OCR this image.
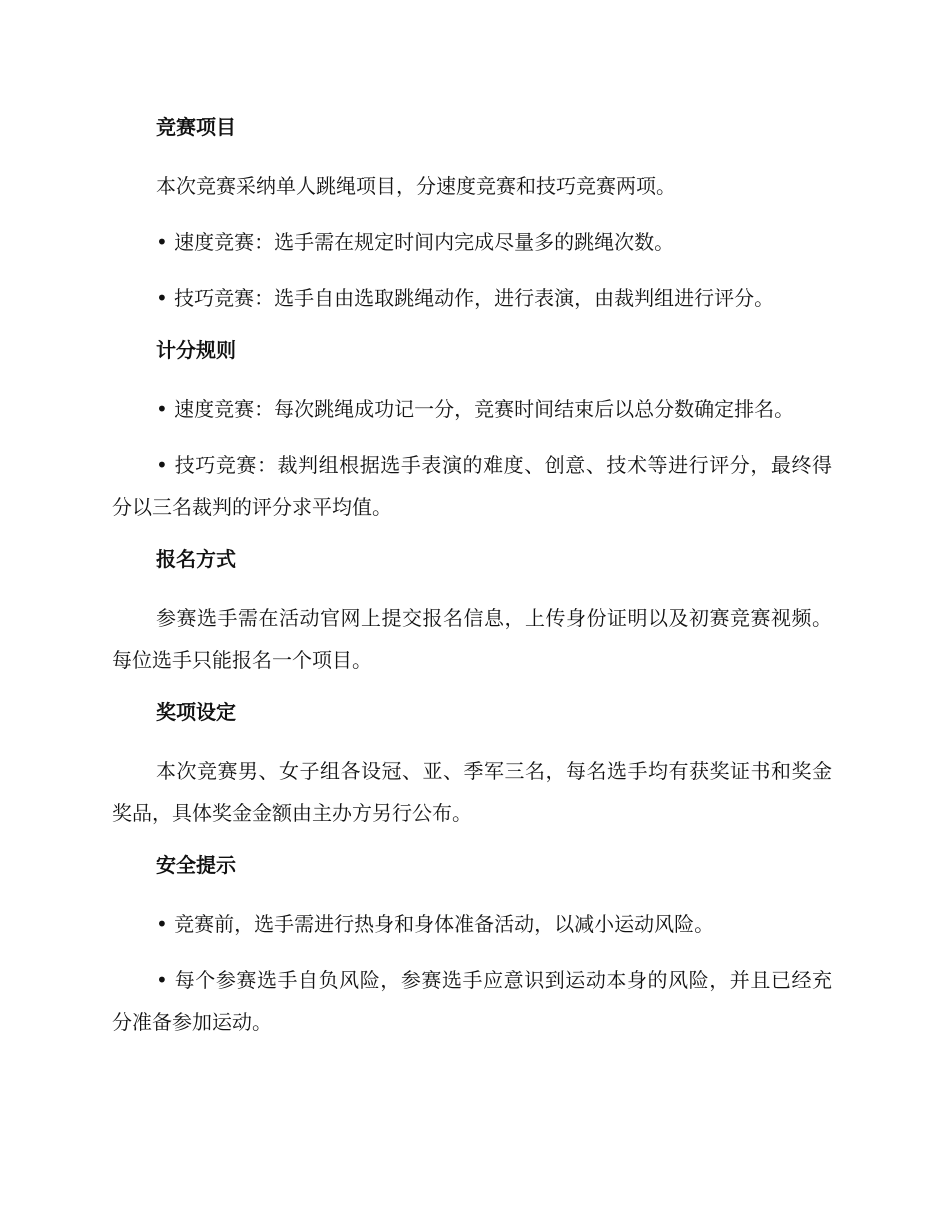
竞赛项目

本次竞赛采纳单人跳绳项目，分速度竞赛和技巧竞赛两项。

• 速度竞赛：选手需在规定时间内完成尽量多的跳绳次数。

• 技巧竞赛：选手自由选取跳绳动作，进行表演，由裁判组进行评分。

计分规则

• 速度竞赛：每次跳绳成功记一分，竞赛时间结束后以总分数确定排名。

• 技巧竞赛：裁判组根据选手表演的难度、创意、技术等进行评分，最终得分以三名裁判的评分求平均值。

报名方式

参赛选手需在活动官网上提交报名信息，上传身份证明以及初赛竞赛视频。每位选手只能报名一个项目。

奖项设定

本次竞赛男、女子组各设冠、亚、季军三名，每名选手均有获奖证书和奖金奖品，具体奖金金额由主办方另行公布。

安全提示

• 竞赛前，选手需进行热身和身体准备活动，以减小运动风险。

• 每个参赛选手自负风险，参赛选手应意识到运动本身的风险，并且已经充分准备参加运动。
